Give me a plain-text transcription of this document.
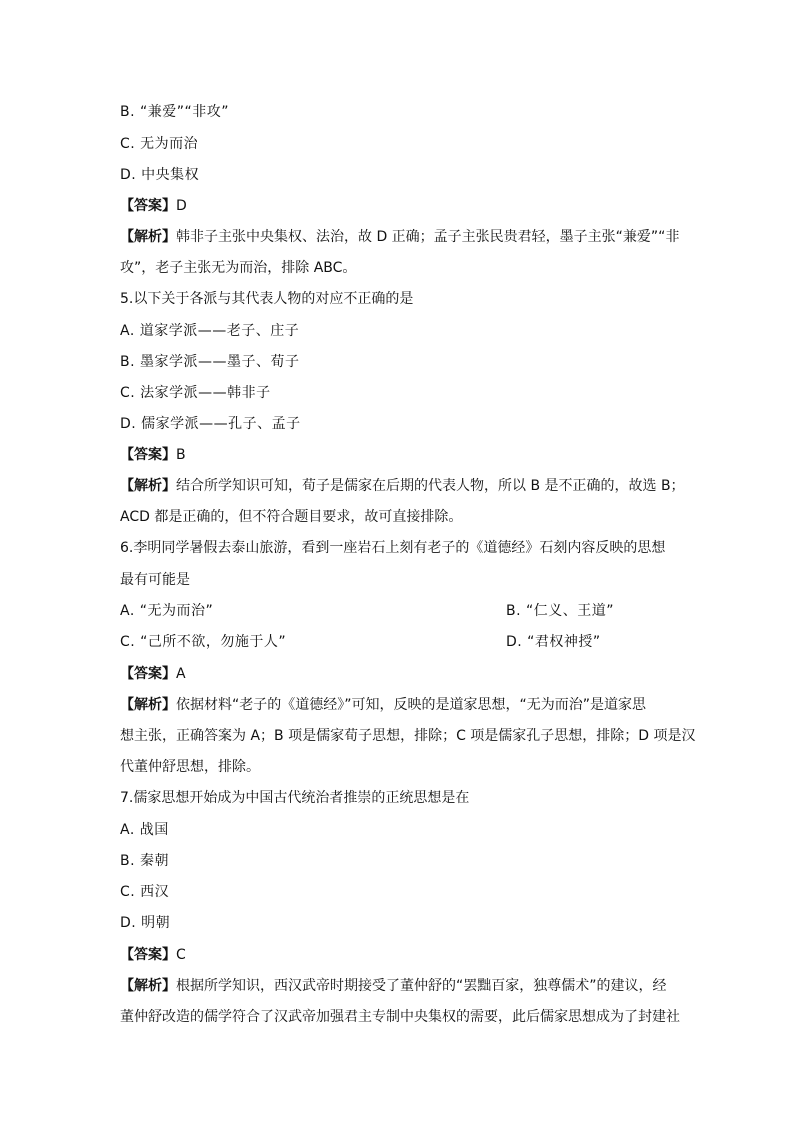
B. “兼爱”“非攻”
C. 无为而治
D. 中央集权
【答案】D
【解析】韩非子主张中央集权、法治，故 D 正确；孟子主张民贵君轻，墨子主张“兼爱”“非
攻”，老子主张无为而治，排除 ABC。
5.以下关于各派与其代表人物的对应不正确的是
A. 道家学派——老子、庄子
B. 墨家学派——墨子、荀子
C. 法家学派——韩非子
D. 儒家学派——孔子、孟子
【答案】B
【解析】结合所学知识可知，荀子是儒家在后期的代表人物，所以 B 是不正确的，故选 B；
ACD 都是正确的，但不符合题目要求，故可直接排除。
6.李明同学暑假去泰山旅游，看到一座岩石上刻有老子的《道德经》石刻内容反映的思想
最有可能是
A. “无为而治”	B. “仁义、王道”
C. “己所不欲，勿施于人”	D. “君权神授”
【答案】A
【解析】依据材料“老子的《道德经》”可知，反映的是道家思想，“无为而治”是道家思
想主张，正确答案为 A；B 项是儒家荀子思想，排除；C 项是儒家孔子思想，排除；D 项是汉
代董仲舒思想，排除。
7.儒家思想开始成为中国古代统治者推崇的正统思想是在
A. 战国
B. 秦朝
C. 西汉
D. 明朝
【答案】C
【解析】根据所学知识，西汉武帝时期接受了董仲舒的“罢黜百家，独尊儒术”的建议，经
董仲舒改造的儒学符合了汉武帝加强君主专制中央集权的需要，此后儒家思想成为了封建社
